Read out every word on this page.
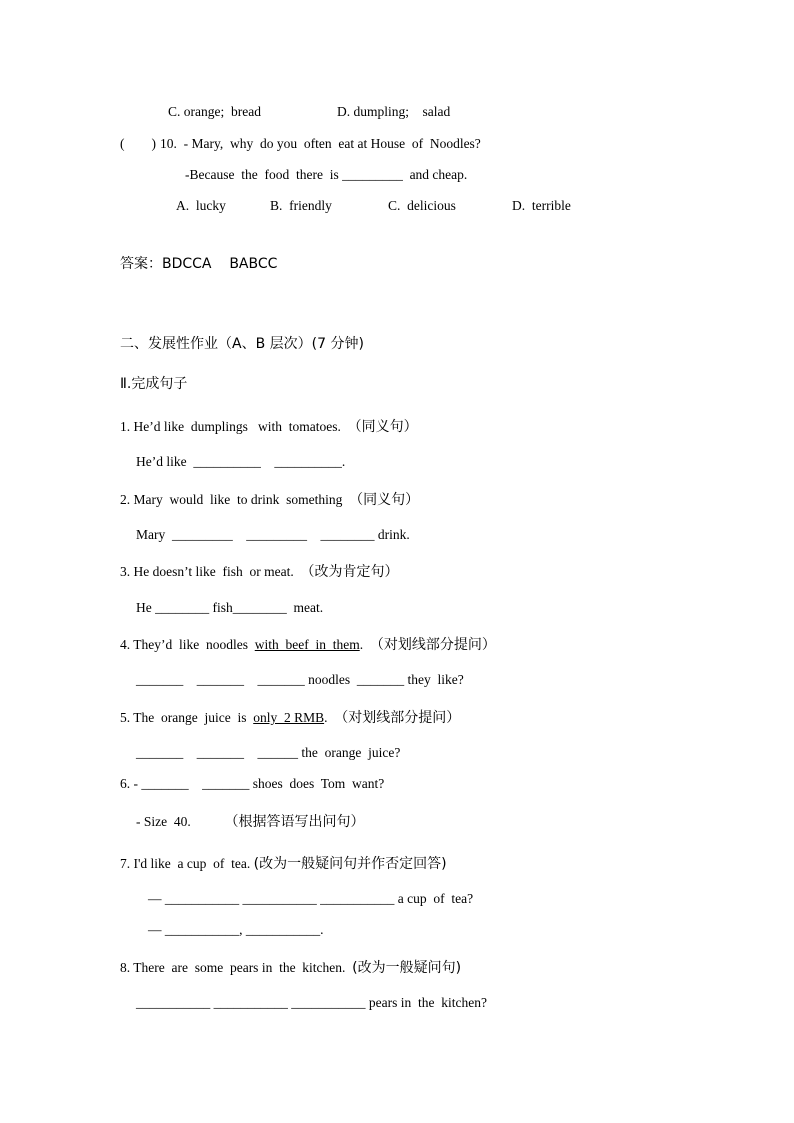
C. orange;  bread	D. dumpling;    salad
(        ) 10.  - Mary,  why  do you  often  eat at House  of  Noodles?
-Because  the  food  there  is _________  and cheap.
A.  lucky	B.  friendly	C.  delicious	D.  terrible
答案：BDCCA    BABCC
二、发展性作业（A、B 层次）(7 分钟)
Ⅱ.完成句子
1. He’d like  dumplings   with  tomatoes.  （同义句）
He’d like  __________    __________.
2. Mary  would  like  to drink  something  （同义句）
Mary  _________    _________    ________ drink.
3. He doesn’t like  fish  or meat.  （改为肯定句）
He ________ fish________  meat.
4. They’d  like  noodles  with  beef  in  them.  （对划线部分提问）
_______    _______    _______ noodles  _______ they  like?
5. The  orange  juice  is  only  2 RMB.  （对划线部分提问）
_______    _______    ______ the  orange  juice?
6. - _______    _______ shoes  does  Tom  want?
- Size  40.          （根据答语写出问句）
7. I'd like  a cup  of  tea. (改为一般疑问句并作否定回答)
— ___________ ___________ ___________ a cup  of  tea?
— ___________, ___________.
8. There  are  some  pears in  the  kitchen.  (改为一般疑问句)
___________ ___________ ___________ pears in  the  kitchen?
